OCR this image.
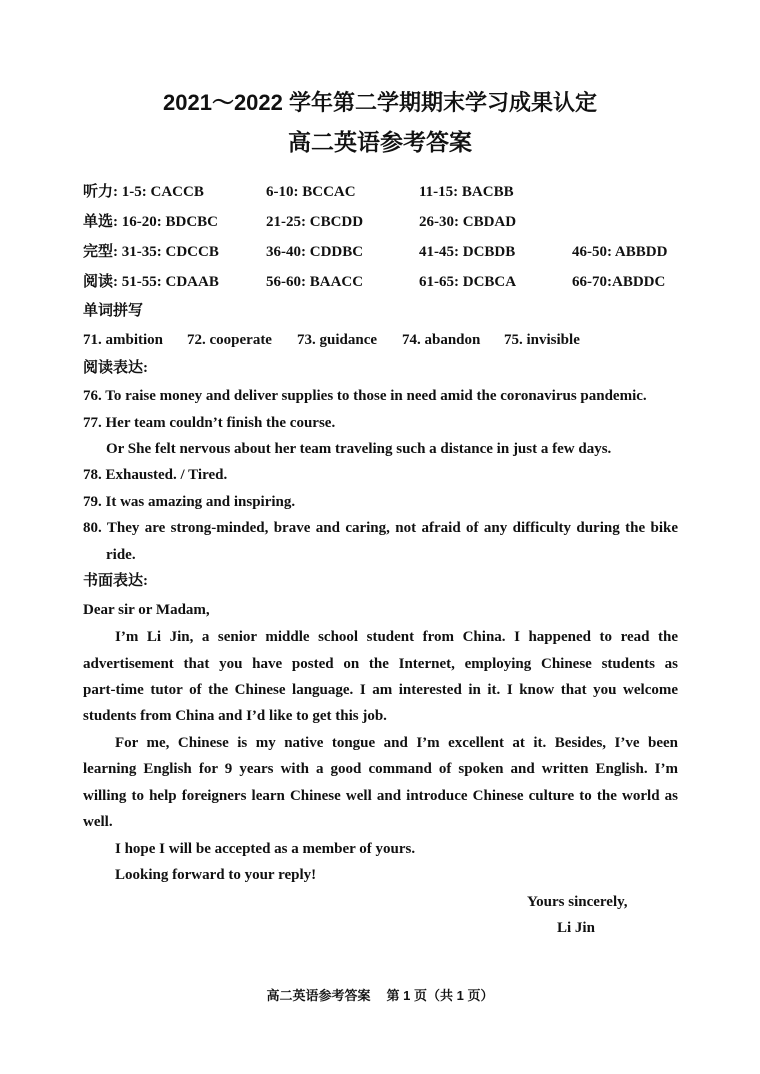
2021～2022 学年第二学期期末学习成果认定
高二英语参考答案
听力: 1-5: CACCB	6-10: BCCAC	11-15: BACBB
单选: 16-20: BDCBC	21-25: CBCDD	26-30: CBDAD
完型: 31-35: CDCCB	36-40: CDDBC	41-45: DCBDB	46-50: ABBDD
阅读: 51-55: CDAAB	56-60: BAACC	61-65: DCBCA	66-70:ABDDC
单词拼写
71. ambition 72. cooperate 73. guidance 74. abandon 75. invisible
阅读表达:
76. To raise money and deliver supplies to those in need amid the coronavirus pandemic.
77. Her team couldn’t finish the course.
Or She felt nervous about her team traveling such a distance in just a few days.
78. Exhausted. / Tired.
79. It was amazing and inspiring.
80. They are strong-minded, brave and caring, not afraid of any difficulty during the bike
ride.
书面表达:
Dear sir or Madam,
I’m Li Jin, a senior middle school student from China. I happened to read the
advertisement that you have posted on the Internet, employing Chinese students as
part-time tutor of the Chinese language. I am interested in it. I know that you welcome
students from China and I’d like to get this job.
For me, Chinese is my native tongue and I’m excellent at it. Besides, I’ve been
learning English for 9 years with a good command of spoken and written English. I’m
willing to help foreigners learn Chinese well and introduce Chinese culture to the world as
well.
I hope I will be accepted as a member of yours.
Looking forward to your reply!
Yours sincerely,
Li Jin
高二英语参考答案 第 1 页（共 1 页）
